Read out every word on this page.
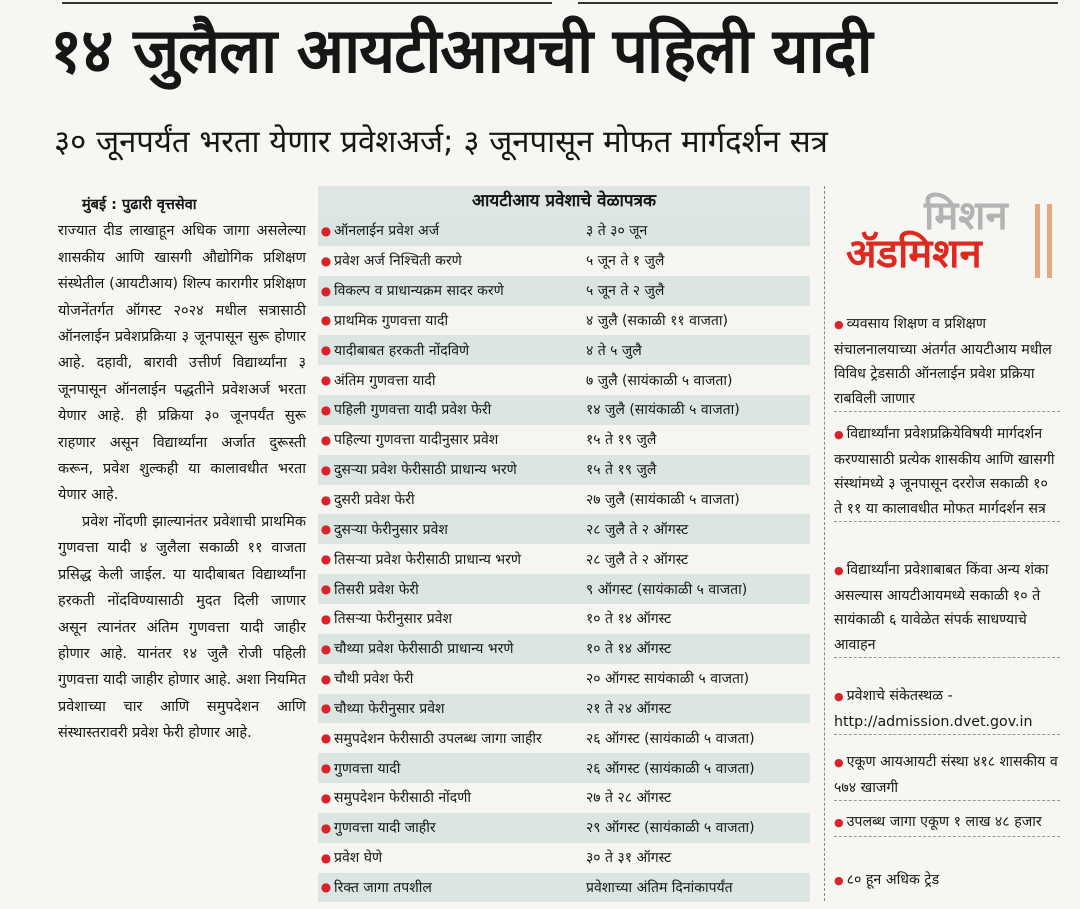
१४ जुलैला आयटीआयची पहिली यादी
३० जूनपर्यंत भरता येणार प्रवेशअर्ज; ३ जूनपासून मोफत मार्गदर्शन सत्र

मुंबई : पुढारी वृत्तसेवा
राज्यात दीड लाखाहून अधिक जागा असलेल्या शासकीय आणि खासगी औद्योगिक प्रशिक्षण संस्थेतील (आयटीआय) शिल्प कारागीर प्रशिक्षण योजनेंतर्गत ऑगस्ट २०२४ मधील सत्रासाठी ऑनलाईन प्रवेशप्रक्रिया ३ जूनपासून सुरू होणार आहे. दहावी, बारावी उत्तीर्ण विद्यार्थ्यांना ३ जूनपासून ऑनलाईन पद्धतीने प्रवेशअर्ज भरता येणार आहे. ही प्रक्रिया ३० जूनपर्यंत सुरू राहणार असून विद्यार्थ्यांना अर्जात दुरूस्ती करून, प्रवेश शुल्कही या कालावधीत भरता येणार आहे.

प्रवेश नोंदणी झाल्यानंतर प्रवेशाची प्राथमिक गुणवत्ता यादी ४ जुलैला सकाळी ११ वाजता प्रसिद्ध केली जाईल. या यादीबाबत विद्यार्थ्यांना हरकती नोंदविण्यासाठी मुदत दिली जाणार असून त्यानंतर अंतिम गुणवत्ता यादी जाहीर होणार आहे. यानंतर १४ जुलै रोजी पहिली गुणवत्ता यादी जाहीर होणार आहे. अशा नियमित प्रवेशाच्या चार आणि समुपदेशन आणि संस्थास्तरावरी प्रवेश फेरी होणार आहे.

आयटीआय प्रवेशाचे वेळापत्रक
● ऑनलाईन प्रवेश अर्ज	३ ते ३० जून
● प्रवेश अर्ज निश्चिती करणे	५ जून ते १ जुलै
● विकल्प व प्राधान्यक्रम सादर करणे	५ जून ते २ जुलै
● प्राथमिक गुणवत्ता यादी	४ जुलै (सकाळी ११ वाजता)
● यादीबाबत हरकती नोंदविणे	४ ते ५ जुलै
● अंतिम गुणवत्ता यादी	७ जुलै (सायंकाळी ५ वाजता)
● पहिली गुणवत्ता यादी प्रवेश फेरी	१४ जुलै (सायंकाळी ५ वाजता)
● पहिल्या गुणवत्ता यादीनुसार प्रवेश	१५ ते १९ जुलै
● दुसऱ्या प्रवेश फेरीसाठी प्राधान्य भरणे	१५ ते १९ जुलै
● दुसरी प्रवेश फेरी	२७ जुलै (सायंकाळी ५ वाजता)
● दुसऱ्या फेरीनुसार प्रवेश	२८ जुलै ते २ ऑगस्ट
● तिसऱ्या प्रवेश फेरीसाठी प्राधान्य भरणे	२८ जुलै ते २ ऑगस्ट
● तिसरी प्रवेश फेरी	९ ऑगस्ट (सायंकाळी ५ वाजता)
● तिसऱ्या फेरीनुसार प्रवेश	१० ते १४ ऑगस्ट
● चौथ्या प्रवेश फेरीसाठी प्राधान्य भरणे	१० ते १४ ऑगस्ट
● चौथी प्रवेश फेरी	२० ऑगस्ट सायंकाळी ५ वाजता)
● चौथ्या फेरीनुसार प्रवेश	२१ ते २४ ऑगस्ट
● समुपदेशन फेरीसाठी उपलब्ध जागा जाहीर	२६ ऑगस्ट (सायंकाळी ५ वाजता)
● गुणवत्ता यादी	२६ ऑगस्ट (सायंकाळी ५ वाजता)
● समुपदेशन फेरीसाठी नोंदणी	२७ ते २८ ऑगस्ट
● गुणवत्ता यादी जाहीर	२९ ऑगस्ट (सायंकाळी ५ वाजता)
● प्रवेश घेणे	३० ते ३१ ऑगस्ट
● रिक्त जागा तपशील	प्रवेशाच्या अंतिम दिनांकापर्यंत
मिशन
ॲडमिशन
● व्यवसाय शिक्षण व प्रशिक्षण संचालनालयाच्या अंतर्गत आयटीआय मधील विविध ट्रेडसाठी ऑनलाईन प्रवेश प्रक्रिया राबविली जाणार
● विद्यार्थ्यांना प्रवेशप्रक्रियेविषयी मार्गदर्शन करण्यासाठी प्रत्येक शासकीय आणि खासगी संस्थांमध्ये ३ जूनपासून दररोज सकाळी १० ते ११ या कालावधीत मोफत मार्गदर्शन सत्र
● विद्यार्थ्यांना प्रवेशाबाबत किंवा अन्य शंका असल्यास आयटीआयमध्ये सकाळी १० ते सायंकाळी ६ यावेळेत संपर्क साधण्याचे आवाहन
● प्रवेशाचे संकेतस्थळ - http://admission.dvet.gov.in
● एकूण आयआयटी संस्था ४१८ शासकीय व ५७४ खाजगी
● उपलब्ध जागा एकूण १ लाख ४८ हजार
● ८० हून अधिक ट्रेड
